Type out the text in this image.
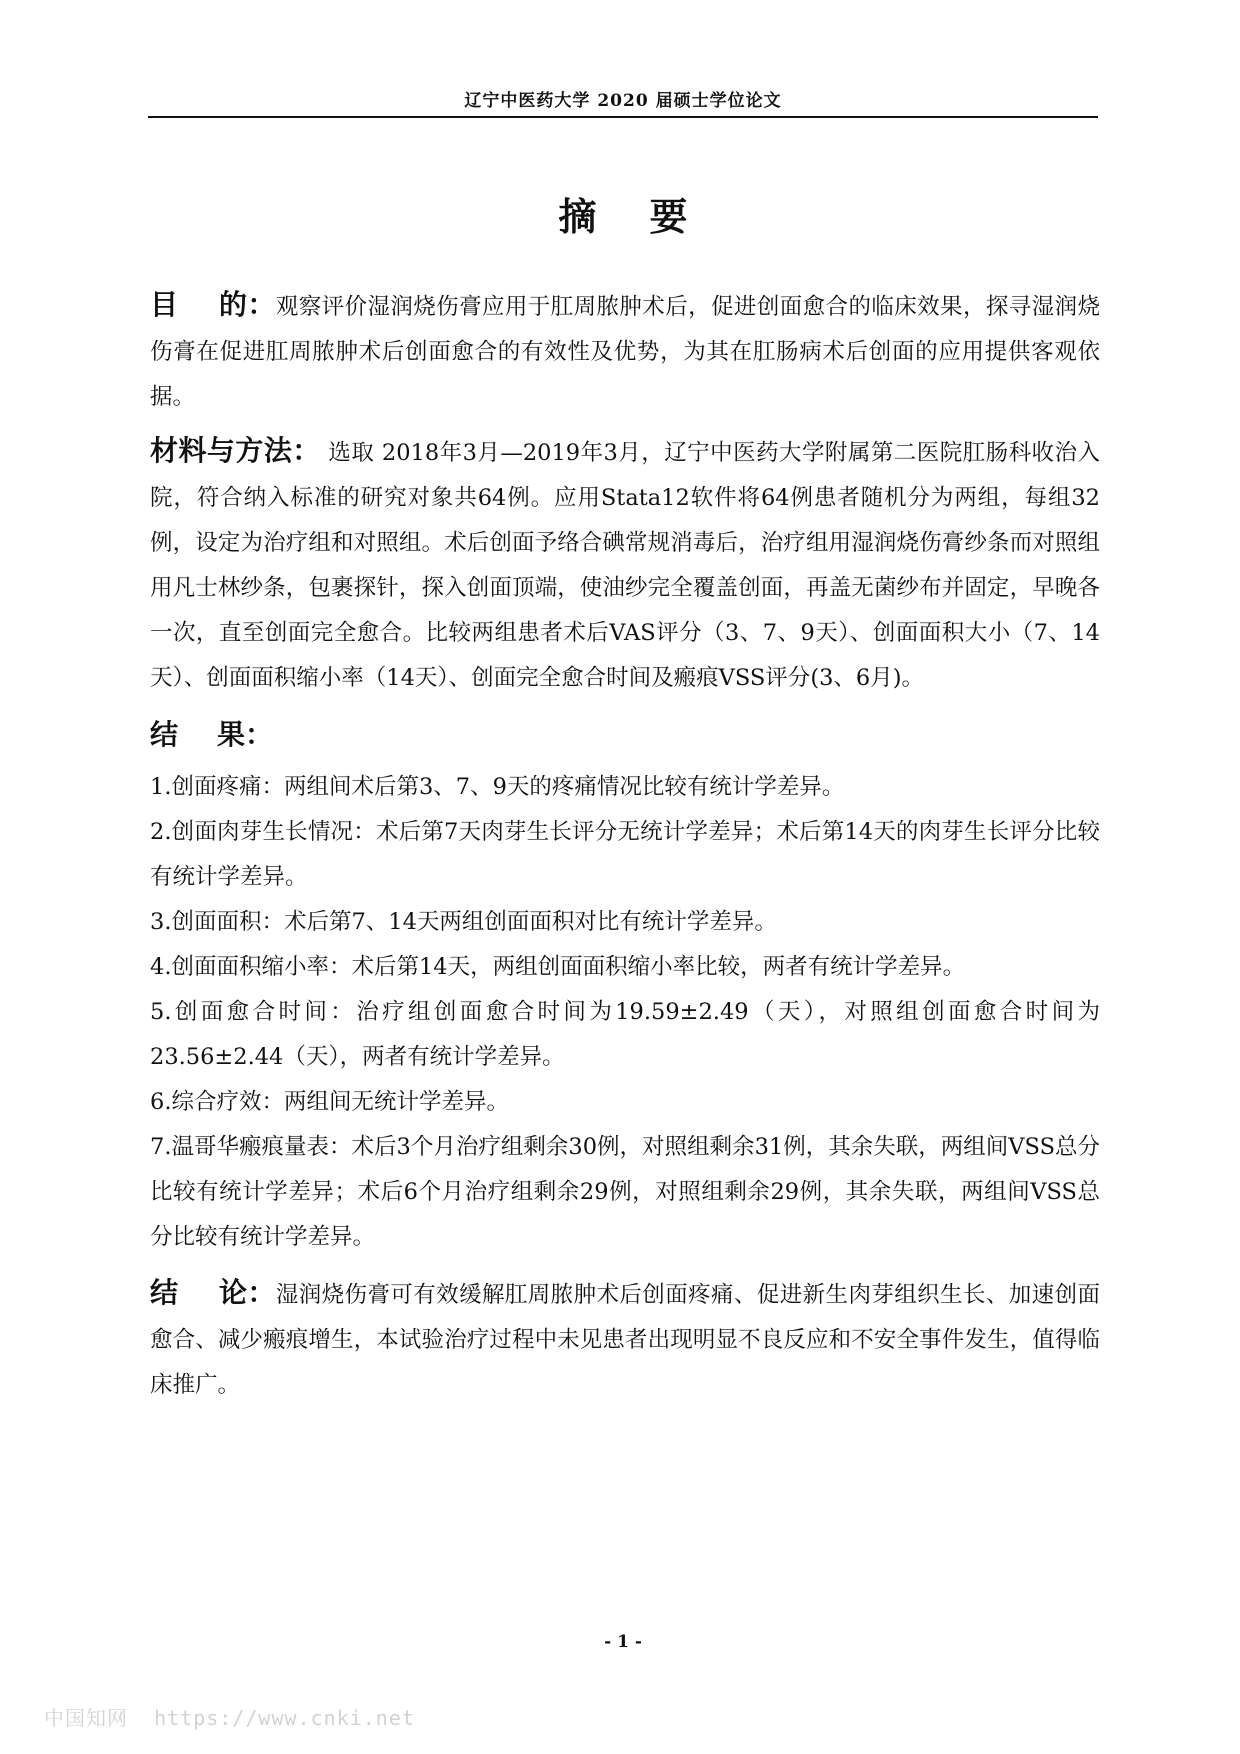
辽宁中医药大学 2020 届硕士学位论文
摘    要

目    的：观察评价湿润烧伤膏应用于肛周脓肿术后，促进创面愈合的临床效果，探寻湿润烧伤膏在促进肛周脓肿术后创面愈合的有效性及优势，为其在肛肠病术后创面的应用提供客观依据。

材料与方法： 选取 2018年3月—2019年3月，辽宁中医药大学附属第二医院肛肠科收治入院，符合纳入标准的研究对象共64例。应用Stata12软件将64例患者随机分为两组，每组32例，设定为治疗组和对照组。术后创面予络合碘常规消毒后，治疗组用湿润烧伤膏纱条而对照组用凡士林纱条，包裹探针，探入创面顶端，使油纱完全覆盖创面，再盖无菌纱布并固定，早晚各一次，直至创面完全愈合。比较两组患者术后VAS评分（3、7、9天）、创面面积大小（7、14天）、创面面积缩小率（14天）、创面完全愈合时间及瘢痕VSS评分(3、6月)。

结    果：

1.创面疼痛：两组间术后第3、7、9天的疼痛情况比较有统计学差异。

2.创面肉芽生长情况：术后第7天肉芽生长评分无统计学差异；术后第14天的肉芽生长评分比较有统计学差异。

3.创面面积：术后第7、14天两组创面面积对比有统计学差异。

4.创面面积缩小率：术后第14天，两组创面面积缩小率比较，两者有统计学差异。

5.创面愈合时间：治疗组创面愈合时间为19.59±2.49（天），对照组创面愈合时间为23.56±2.44（天），两者有统计学差异。

6.综合疗效：两组间无统计学差异。

7.温哥华瘢痕量表：术后3个月治疗组剩余30例，对照组剩余31例，其余失联，两组间VSS总分比较有统计学差异；术后6个月治疗组剩余29例，对照组剩余29例，其余失联，两组间VSS总分比较有统计学差异。

结    论：湿润烧伤膏可有效缓解肛周脓肿术后创面疼痛、促进新生肉芽组织生长、加速创面愈合、减少瘢痕增生，本试验治疗过程中未见患者出现明显不良反应和不安全事件发生，值得临床推广。

- 1 -
中国知网  https://www.cnki.net
